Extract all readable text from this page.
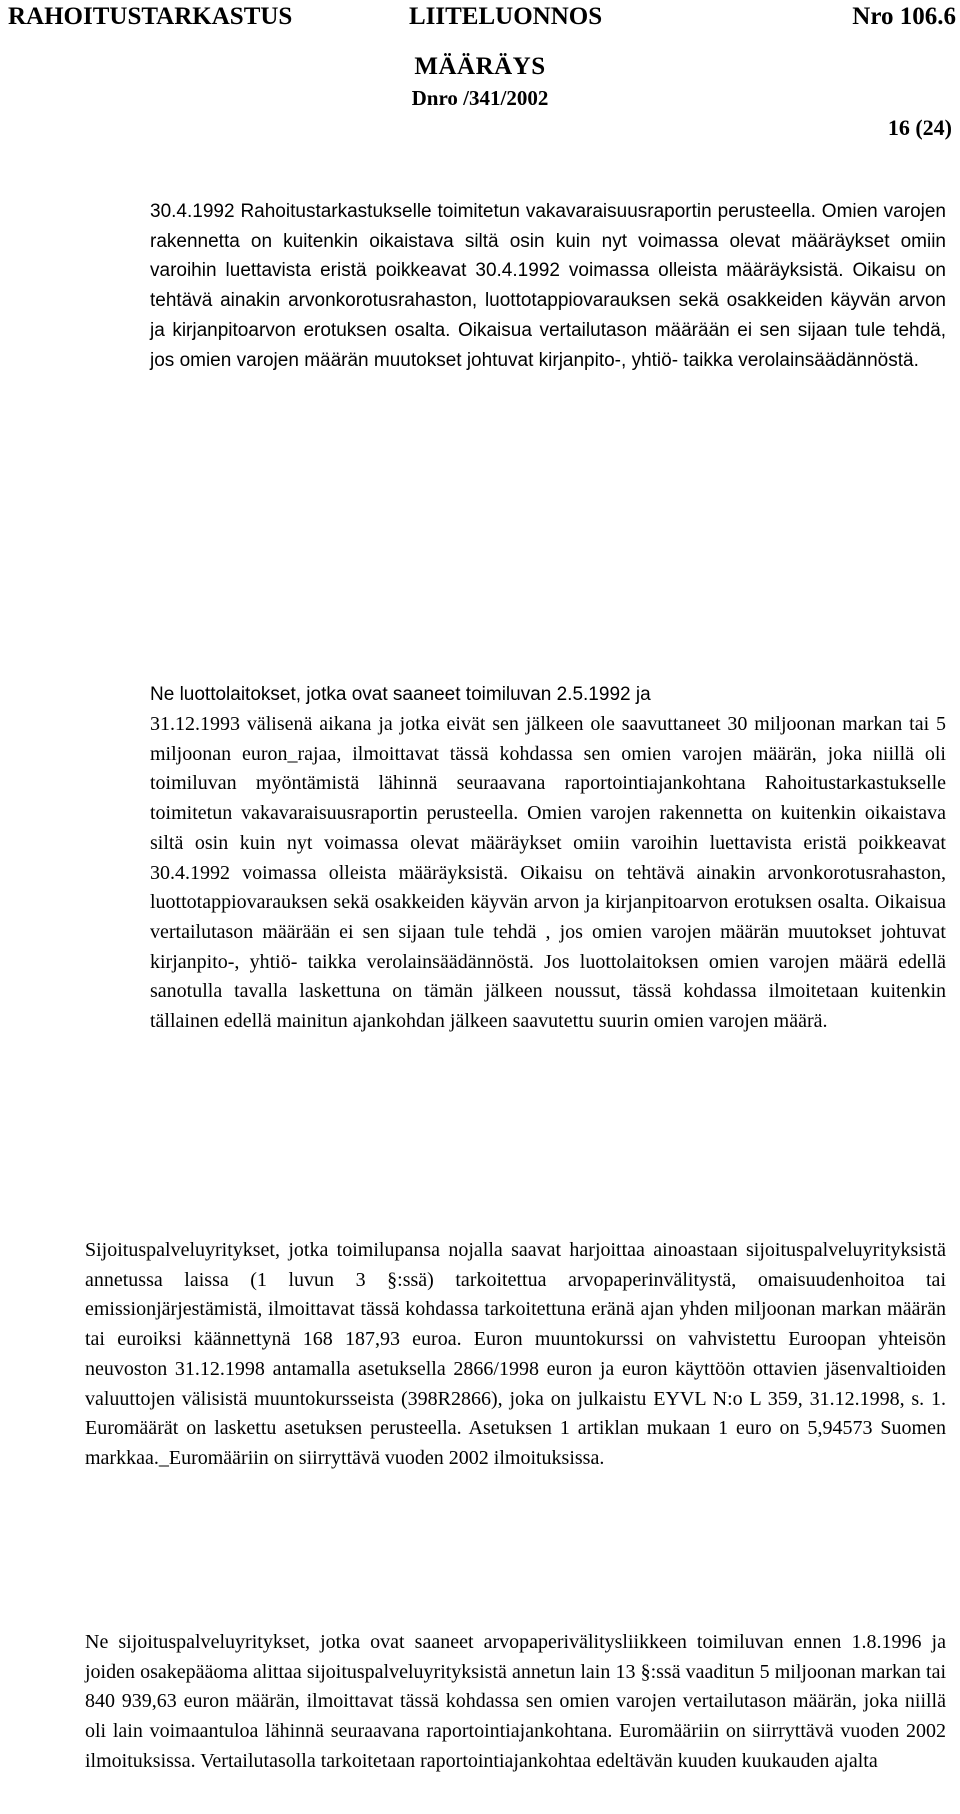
RAHOITUSTARKASTUS	LIITELUONNOS	Nro 106.6
MÄÄRÄYS
Dnro /341/2002
16 (24)

30.4.1992 Rahoitustarkastukselle toimitetun vakavaraisuusraportin perusteella. Omien varojen rakennetta on kuitenkin oikaistava siltä osin kuin nyt voimassa olevat määräykset omiin varoihin luettavista eristä poikkeavat 30.4.1992 voimassa olleista määräyksistä. Oikaisu on tehtävä ainakin arvonkorotusrahaston, luottotappiovarauksen sekä osakkeiden käyvän arvon ja kirjanpitoarvon erotuksen osalta. Oikaisua vertailutason määrään ei sen sijaan tule tehdä, jos omien varojen määrän muutokset johtuvat kirjanpito-, yhtiö- taikka verolainsäädännöstä.

Ne luottolaitokset, jotka ovat saaneet toimiluvan 2.5.1992 ja

31.12.1993 välisenä aikana ja jotka eivät sen jälkeen ole saavuttaneet 30 miljoonan markan tai 5 miljoonan euron_rajaa, ilmoittavat tässä kohdassa sen omien varojen määrän, joka niillä oli toimiluvan myöntämistä lähinnä seuraavana raportointiajankohtana Rahoitustarkastukselle toimitetun vakavaraisuusraportin perusteella. Omien varojen rakennetta on kuitenkin oikaistava siltä osin kuin nyt voimassa olevat määräykset omiin varoihin luettavista eristä poikkeavat 30.4.1992 voimassa olleista määräyksistä. Oikaisu on tehtävä ainakin arvonkorotusrahaston, luottotappiovarauksen sekä osakkeiden käyvän arvon ja kirjanpitoarvon erotuksen osalta. Oikaisua vertailutason määrään ei sen sijaan tule tehdä , jos omien varojen määrän muutokset johtuvat kirjanpito-, yhtiö- taikka verolainsäädännöstä. Jos luottolaitoksen omien varojen määrä edellä sanotulla tavalla laskettuna on tämän jälkeen noussut, tässä kohdassa ilmoitetaan kuitenkin tällainen edellä mainitun ajankohdan jälkeen saavutettu suurin omien varojen määrä.

Sijoituspalveluyritykset, jotka toimilupansa nojalla saavat harjoittaa ainoastaan sijoituspalveluyrityksistä annetussa laissa (1 luvun 3 §:ssä) tarkoitettua arvopaperinvälitystä, omaisuudenhoitoa tai emissionjärjestämistä, ilmoittavat tässä kohdassa tarkoitettuna eränä ajan yhden miljoonan markan määrän tai euroiksi käännettynä 168 187,93 euroa. Euron muuntokurssi on vahvistettu Euroopan yhteisön neuvoston 31.12.1998 antamalla asetuksella 2866/1998 euron ja euron käyttöön ottavien jäsenvaltioiden valuuttojen välisistä muuntokursseista (398R2866), joka on julkaistu EYVL N:o L 359, 31.12.1998, s. 1. Euromäärät on laskettu asetuksen perusteella. Asetuksen 1 artiklan mukaan 1 euro on 5,94573 Suomen markkaa._Euromääriin on siirryttävä vuoden 2002 ilmoituksissa.

Ne sijoituspalveluyritykset, jotka ovat saaneet arvopaperivälitysliikkeen toimiluvan ennen 1.8.1996 ja joiden osakepääoma alittaa sijoituspalveluyrityksistä annetun lain 13 §:ssä vaaditun 5 miljoonan markan tai 840 939,63 euron määrän, ilmoittavat tässä kohdassa sen omien varojen vertailutason määrän, joka niillä oli lain voimaantuloa lähinnä seuraavana raportointiajankohtana. Euromääriin on siirryttävä vuoden 2002 ilmoituksissa. Vertailutasolla tarkoitetaan raportointiajankohtaa edeltävän kuuden kuukauden ajalta
